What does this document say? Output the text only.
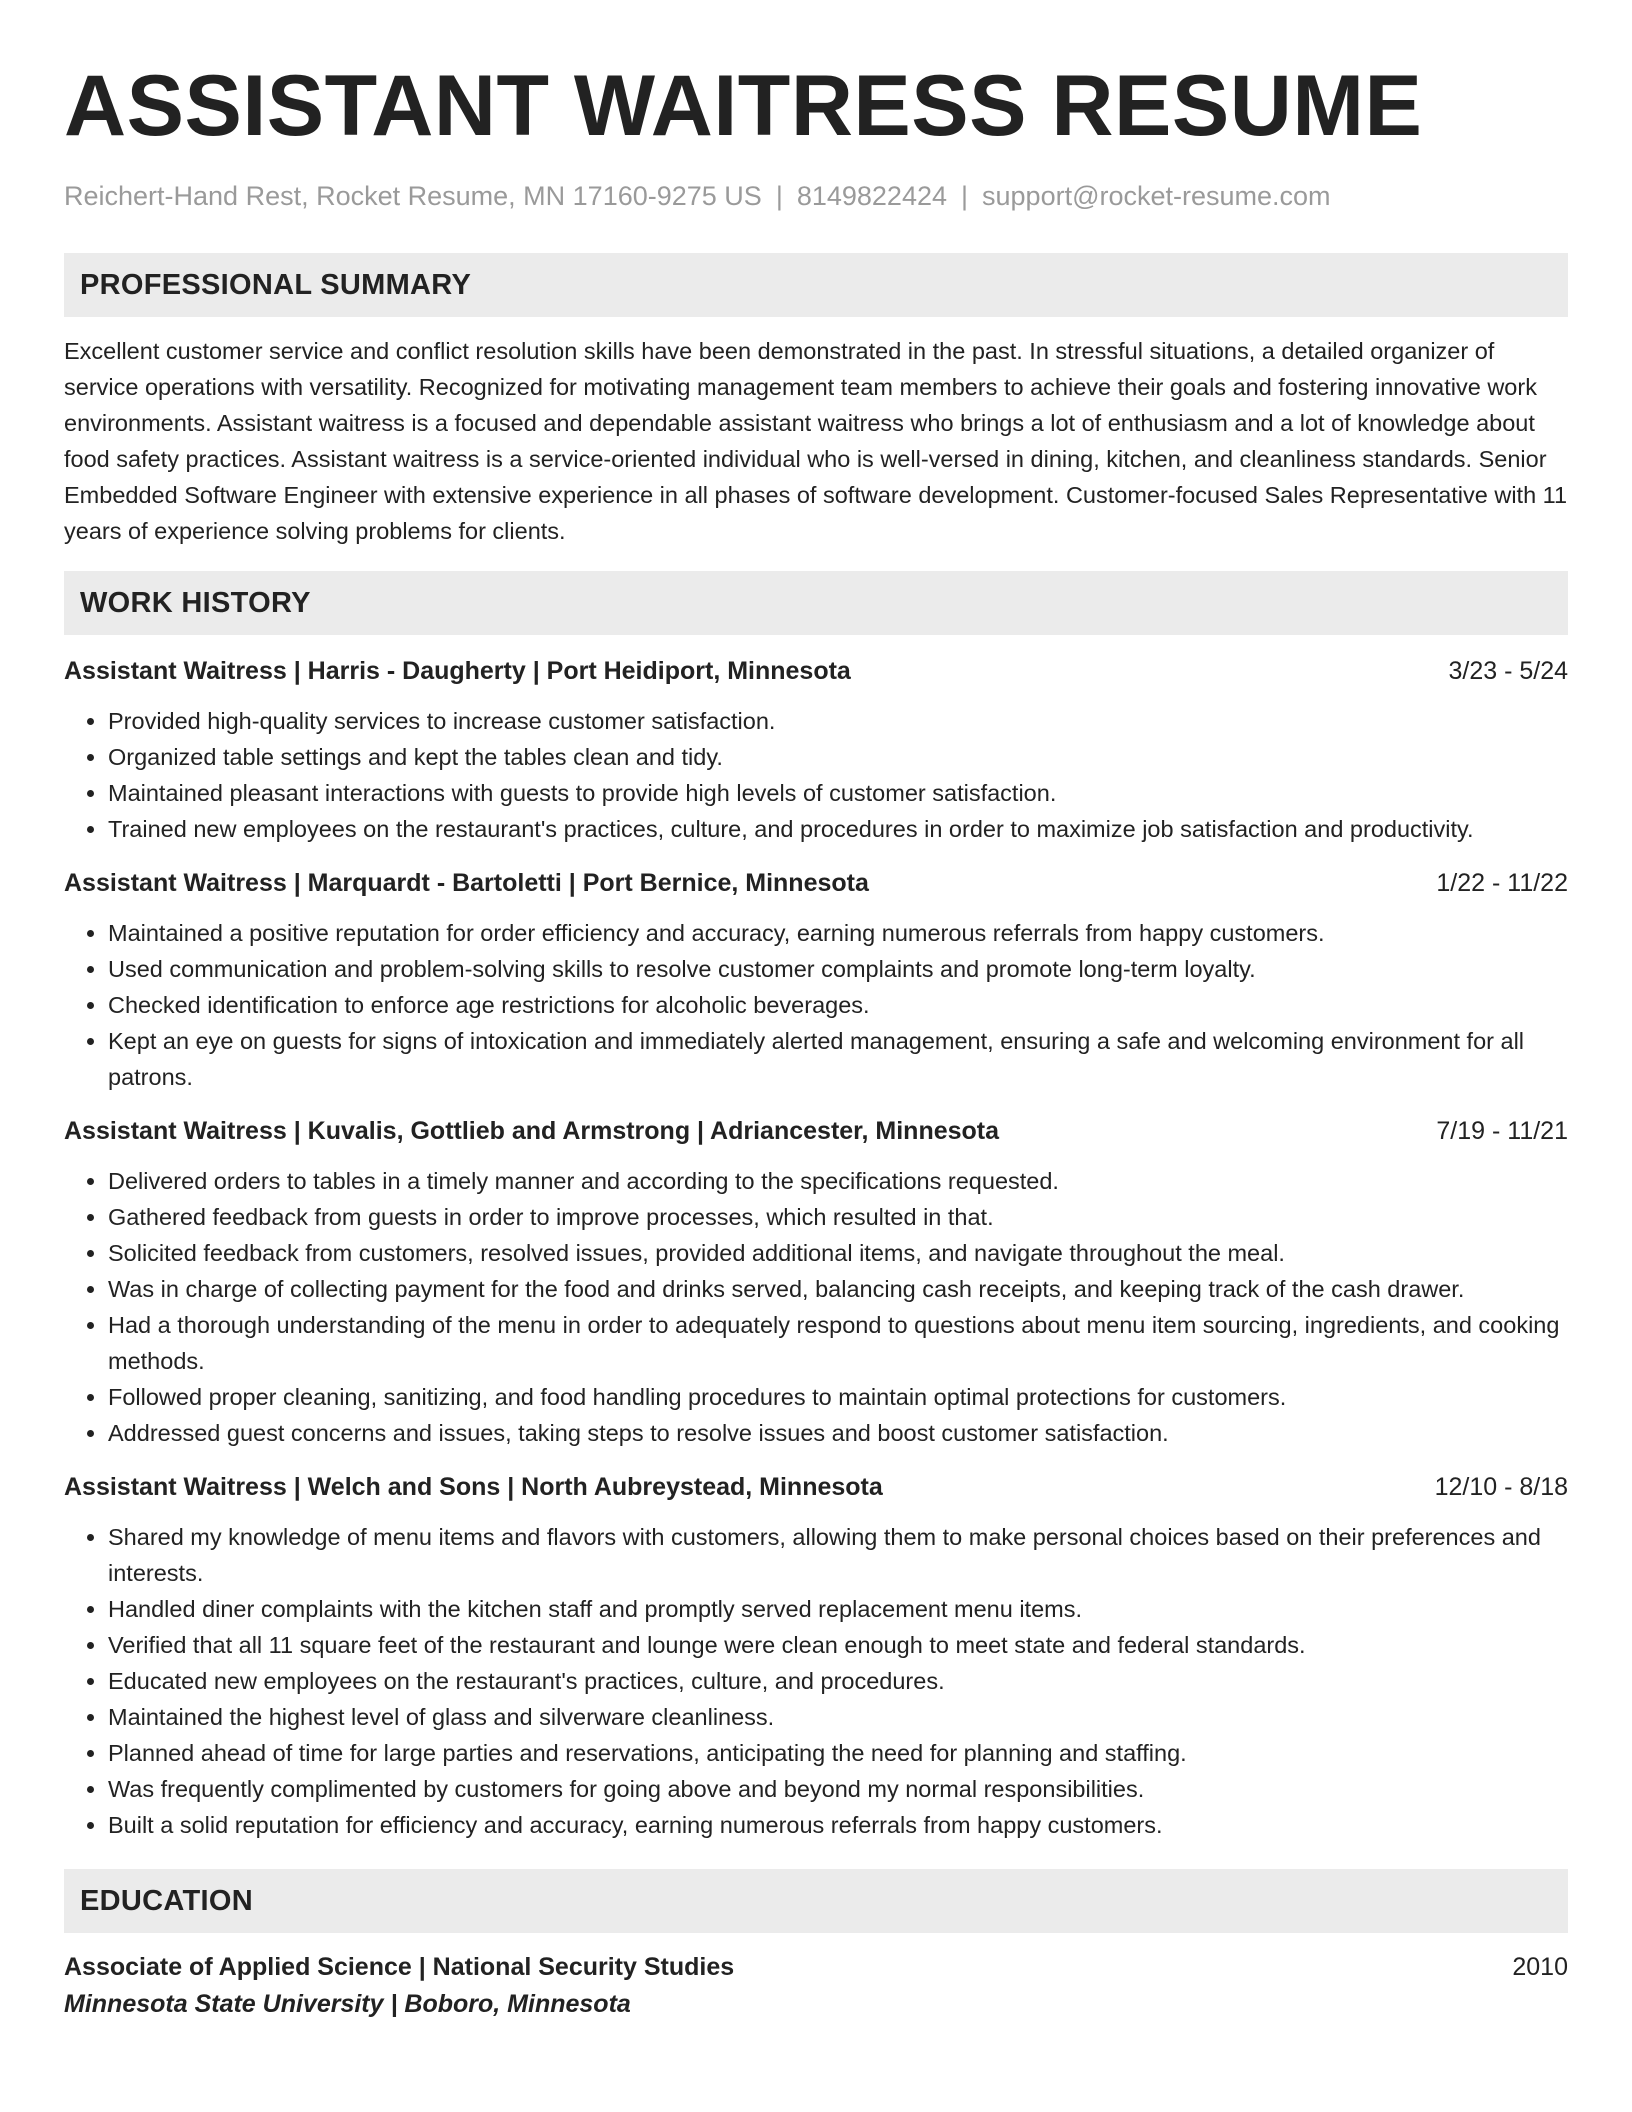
ASSISTANT WAITRESS RESUME
Reichert-Hand Rest, Rocket Resume, MN 17160-9275 US | 8149822424 | support@rocket-resume.com
PROFESSIONAL SUMMARY

Excellent customer service and conflict resolution skills have been demonstrated in the past. In stressful situations, a detailed organizer of service operations with versatility. Recognized for motivating management team members to achieve their goals and fostering innovative work environments. Assistant waitress is a focused and dependable assistant waitress who brings a lot of enthusiasm and a lot of knowledge about food safety practices. Assistant waitress is a service-oriented individual who is well-versed in dining, kitchen, and cleanliness standards. Senior Embedded Software Engineer with extensive experience in all phases of software development. Customer-focused Sales Representative with 11 years of experience solving problems for clients.

WORK HISTORY
Assistant Waitress | Harris - Daugherty | Port Heidiport, Minnesota	3/23 - 5/24
• Provided high-quality services to increase customer satisfaction.
• Organized table settings and kept the tables clean and tidy.
• Maintained pleasant interactions with guests to provide high levels of customer satisfaction.
• Trained new employees on the restaurant's practices, culture, and procedures in order to maximize job satisfaction and productivity.
Assistant Waitress | Marquardt - Bartoletti | Port Bernice, Minnesota	1/22 - 11/22
• Maintained a positive reputation for order efficiency and accuracy, earning numerous referrals from happy customers.
• Used communication and problem-solving skills to resolve customer complaints and promote long-term loyalty.
• Checked identification to enforce age restrictions for alcoholic beverages.
• Kept an eye on guests for signs of intoxication and immediately alerted management, ensuring a safe and welcoming environment for all patrons.
Assistant Waitress | Kuvalis, Gottlieb and Armstrong | Adriancester, Minnesota	7/19 - 11/21
• Delivered orders to tables in a timely manner and according to the specifications requested.
• Gathered feedback from guests in order to improve processes, which resulted in that.
• Solicited feedback from customers, resolved issues, provided additional items, and navigate throughout the meal.
• Was in charge of collecting payment for the food and drinks served, balancing cash receipts, and keeping track of the cash drawer.
• Had a thorough understanding of the menu in order to adequately respond to questions about menu item sourcing, ingredients, and cooking methods.
• Followed proper cleaning, sanitizing, and food handling procedures to maintain optimal protections for customers.
• Addressed guest concerns and issues, taking steps to resolve issues and boost customer satisfaction.
Assistant Waitress | Welch and Sons | North Aubreystead, Minnesota	12/10 - 8/18
• Shared my knowledge of menu items and flavors with customers, allowing them to make personal choices based on their preferences and interests.
• Handled diner complaints with the kitchen staff and promptly served replacement menu items.
• Verified that all 11 square feet of the restaurant and lounge were clean enough to meet state and federal standards.
• Educated new employees on the restaurant's practices, culture, and procedures.
• Maintained the highest level of glass and silverware cleanliness.
• Planned ahead of time for large parties and reservations, anticipating the need for planning and staffing.
• Was frequently complimented by customers for going above and beyond my normal responsibilities.
• Built a solid reputation for efficiency and accuracy, earning numerous referrals from happy customers.
EDUCATION
Associate of Applied Science | National Security Studies	2010
Minnesota State University | Boboro, Minnesota
